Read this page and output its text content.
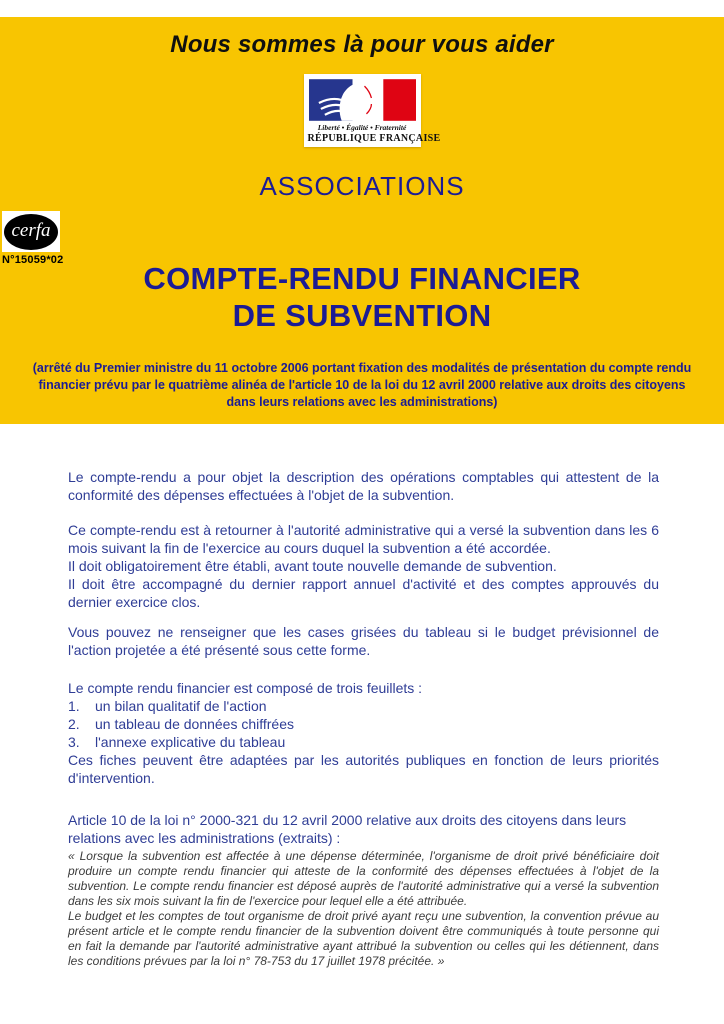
Nous sommes là pour vous aider
Liberté • Égalité • Fraternité
RÉPUBLIQUE FRANÇAISE
ASSOCIATIONS
cerfa
N°15059*02
COMPTE-RENDU FINANCIER
DE SUBVENTION
(arrêté du Premier ministre du 11 octobre 2006 portant fixation des modalités de présentation du compte rendu financier prévu par le quatrième alinéa de l'article 10 de la loi du 12 avril 2000 relative aux droits des citoyens dans leurs relations avec les administrations)

Le compte-rendu a pour objet la description des opérations comptables qui attestent de la conformité des dépenses effectuées à l'objet de la subvention.

Ce compte-rendu est à retourner à l'autorité administrative qui a versé la subvention dans les 6 mois suivant la fin de l'exercice au cours duquel la subvention a été accordée.
Il doit obligatoirement être établi, avant toute nouvelle demande de subvention.
Il doit être accompagné du dernier rapport annuel d'activité et des comptes approuvés du dernier exercice clos.

Vous pouvez ne renseigner que les cases grisées du tableau si le budget prévisionnel de l'action projetée a été présenté sous cette forme.

Le compte rendu financier est composé de trois feuillets :
1. un bilan qualitatif de l'action
2. un tableau de données chiffrées
3. l'annexe explicative du tableau
Ces fiches peuvent être adaptées par les autorités publiques en fonction de leurs priorités d'intervention.

Article 10 de la loi n° 2000-321 du 12 avril 2000 relative aux droits des citoyens dans leurs relations avec les administrations (extraits) :

« Lorsque la subvention est affectée à une dépense déterminée, l'organisme de droit privé bénéficiaire doit produire un compte rendu financier qui atteste de la conformité des dépenses effectuées à l'objet de la subvention. Le compte rendu financier est déposé auprès de l'autorité administrative qui a versé la subvention dans les six mois suivant la fin de l'exercice pour lequel elle a été attribuée.

Le budget et les comptes de tout organisme de droit privé ayant reçu une subvention, la convention prévue au présent article et le compte rendu financier de la subvention doivent être communiqués à toute personne qui en fait la demande par l'autorité administrative ayant attribué la subvention ou celles qui les détiennent, dans les conditions prévues par la loi n° 78-753 du 17 juillet 1978 précitée. »
